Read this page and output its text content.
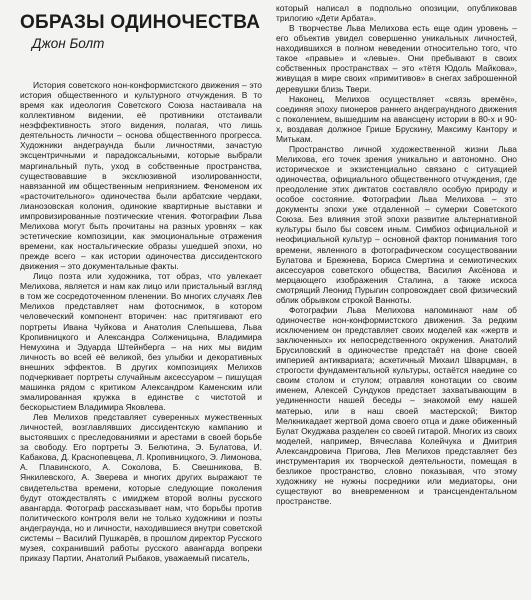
ОБРАЗЫ ОДИНОЧЕСТВА
Джон Болт

История советского нон-конформистского движения – это история общественного и культурного отчуждения. В то время как идеология Советского Союза настаивала на коллективном видении, её противники отстаивали неэффективность этого видения, полагая, что лишь деятельность личности – основа общественного прогресса. Художники андеграунда были личностями, зачастую эксцентричными и парадоксальными, которые выбрали маргинальный путь, уход в собственные пространства, существовавшие в эксклюзивной изолированности, навязанной им общественным неприязнием. Феноменом их «расточительного» одиночества были арбатские чердаки, лианозовская колония, одинокие квартирные выставки и импровизированные поэтические чтения. Фотографии Льва Мелихова могут быть прочитаны на разных уровнях – как эстетические композиции, как эмоциональные отражения времени, как ностальгические образы ушедшей эпохи, но прежде всего – как истории одиночества диссидентского движения – это документальные факты.

Лицо поэта или художника, тот образ, что увлекает Мелихова, является и нам как лицо или пристальный взгляд в том же сосредоточенном пленении. Во многих случаях Лев Мелихов представляет нам фотоснимок, в котором человеческий компонент вторичен: нас притягивают его портреты Ивана Чуйкова и Анатолия Слепышева, Льва Кропивницкого и Александра Солженицына, Владимира Немухина и Эдуарда Штейнберга – на них мы видим личность во всей её великой, без улыбки и декоративных внешних эффектов. В других композициях Мелихов подчеркивает портреты случайным аксессуаром – пишущая машинка рядом с критиком Александром Каменским или эмалированная кружка в единстве с чистотой и бескорыстием Владимира Яковлева.

Лев Мелихов представляет суверенных мужественных личностей, возглавлявших диссидентскую кампанию и выстоявших с преследованиями и арестами в своей борьбе за свободу. Его портреты Э. Белютина, Э. Булатова, И. Кабакова, Д. Краснопевцева, Л. Кропивницкого, Э. Лимонова, А. Плавинского, А. Соколова, Б. Свешникова, В. Янкилевского, А. Зверева и многих других выражают те свидетельства времени, которые следующие поколения будут отождествлять с имиджем второй волны русского авангарда. Фотограф рассказывает нам, что борьбы против политического контроля вели не только художники и поэты андеграунда, но и личности, находившиеся внутри советской системы – Василий Пушкарёв, в прошлом директор Русского музея, сохранивший работы русского авангарда вопреки приказу Партии, Анатолий Рыбаков, уважаемый писатель,

который написал в подпольно опозиции, опубликовав трилогию «Дети Арбата».

В творчестве Льва Мелихова есть еще один уровень – его объектив увидел совершенно уникальных личностей, находившихся в полном неведении относительно того, что такое «правые» и «левые». Они пребывают в своих собственных пространствах – это «тётя Юдоль Майкова», живущая в мире своих «примитивов» в снегах заброшенной деревушки близь Твери.

Наконец, Мелихов осуществляет «связь времён», соединяя эпоху пионеров раннего андеграундного движения с поколением, вышедшим на авансцену истории в 80-х и 90-х, воздавая должное Грише Брускину, Максиму Кантору и Митькам.

Пространство личной художественной жизни Льва Мелихова, его точек зрения уникально и автономно. Оно историческое и экзистенциально связано с ситуацией одиночества, официального общественного отчуждения, где преодоление этих диктатов составляло особую природу и особое состояние. Фотографии Льва Мелихова – это документы эпохи уже отдаленной – сумерки Советского Союза. Без влияния этой эпохи развитие альтернативной культуры было бы совсем иным. Симбиоз официальной и неофициальной культур – основной фактор понимания того времени, явленного в фотографическом сосуществовании Булатова и Брежнева, Бориса Смертина и семиотических аксессуаров советского общества, Василия Аксёнова и мерцающего изображения Сталина, а также искоса смотрящий Леонид Пурыгин сопровождает свой физический облик обрывком строкой Ванноты.

Фотографии Льва Мелихова напоминают нам об одиночестве нон-конформистского движения. За редким исключением он представляет своих моделей как «жертв и заключенных» их непосредственного окружения. Анатолий Брусиловский в одиночестве предстаёт на фоне своей империей антиквариата; аскетичный Михаил Шварцман, в строгости фундаментальной культуры, остаётся наедине со своим столом и стулом; отравляя конотации со своим именем, Алексей Сундуков предстает захватывающим в уединенности нашей беседы – знакомой ему нашей матерью, или в наш своей мастерской; Виктор Мелкникадает жертвой дома своего отца и даже обиженный Булат Окуджава разделен со своей гитарой. Многих из своих моделей, например, Вячеслава Колейчука и Дмитрия Александровича Пригова, Лев Мелихов представляет без инструментария их творческой деятельности, помещая в безликое пространство, словно показывая, что этому художнику не нужны посредники или медиаторы, они существуют во вневременном и трансцендентальном пространстве.
